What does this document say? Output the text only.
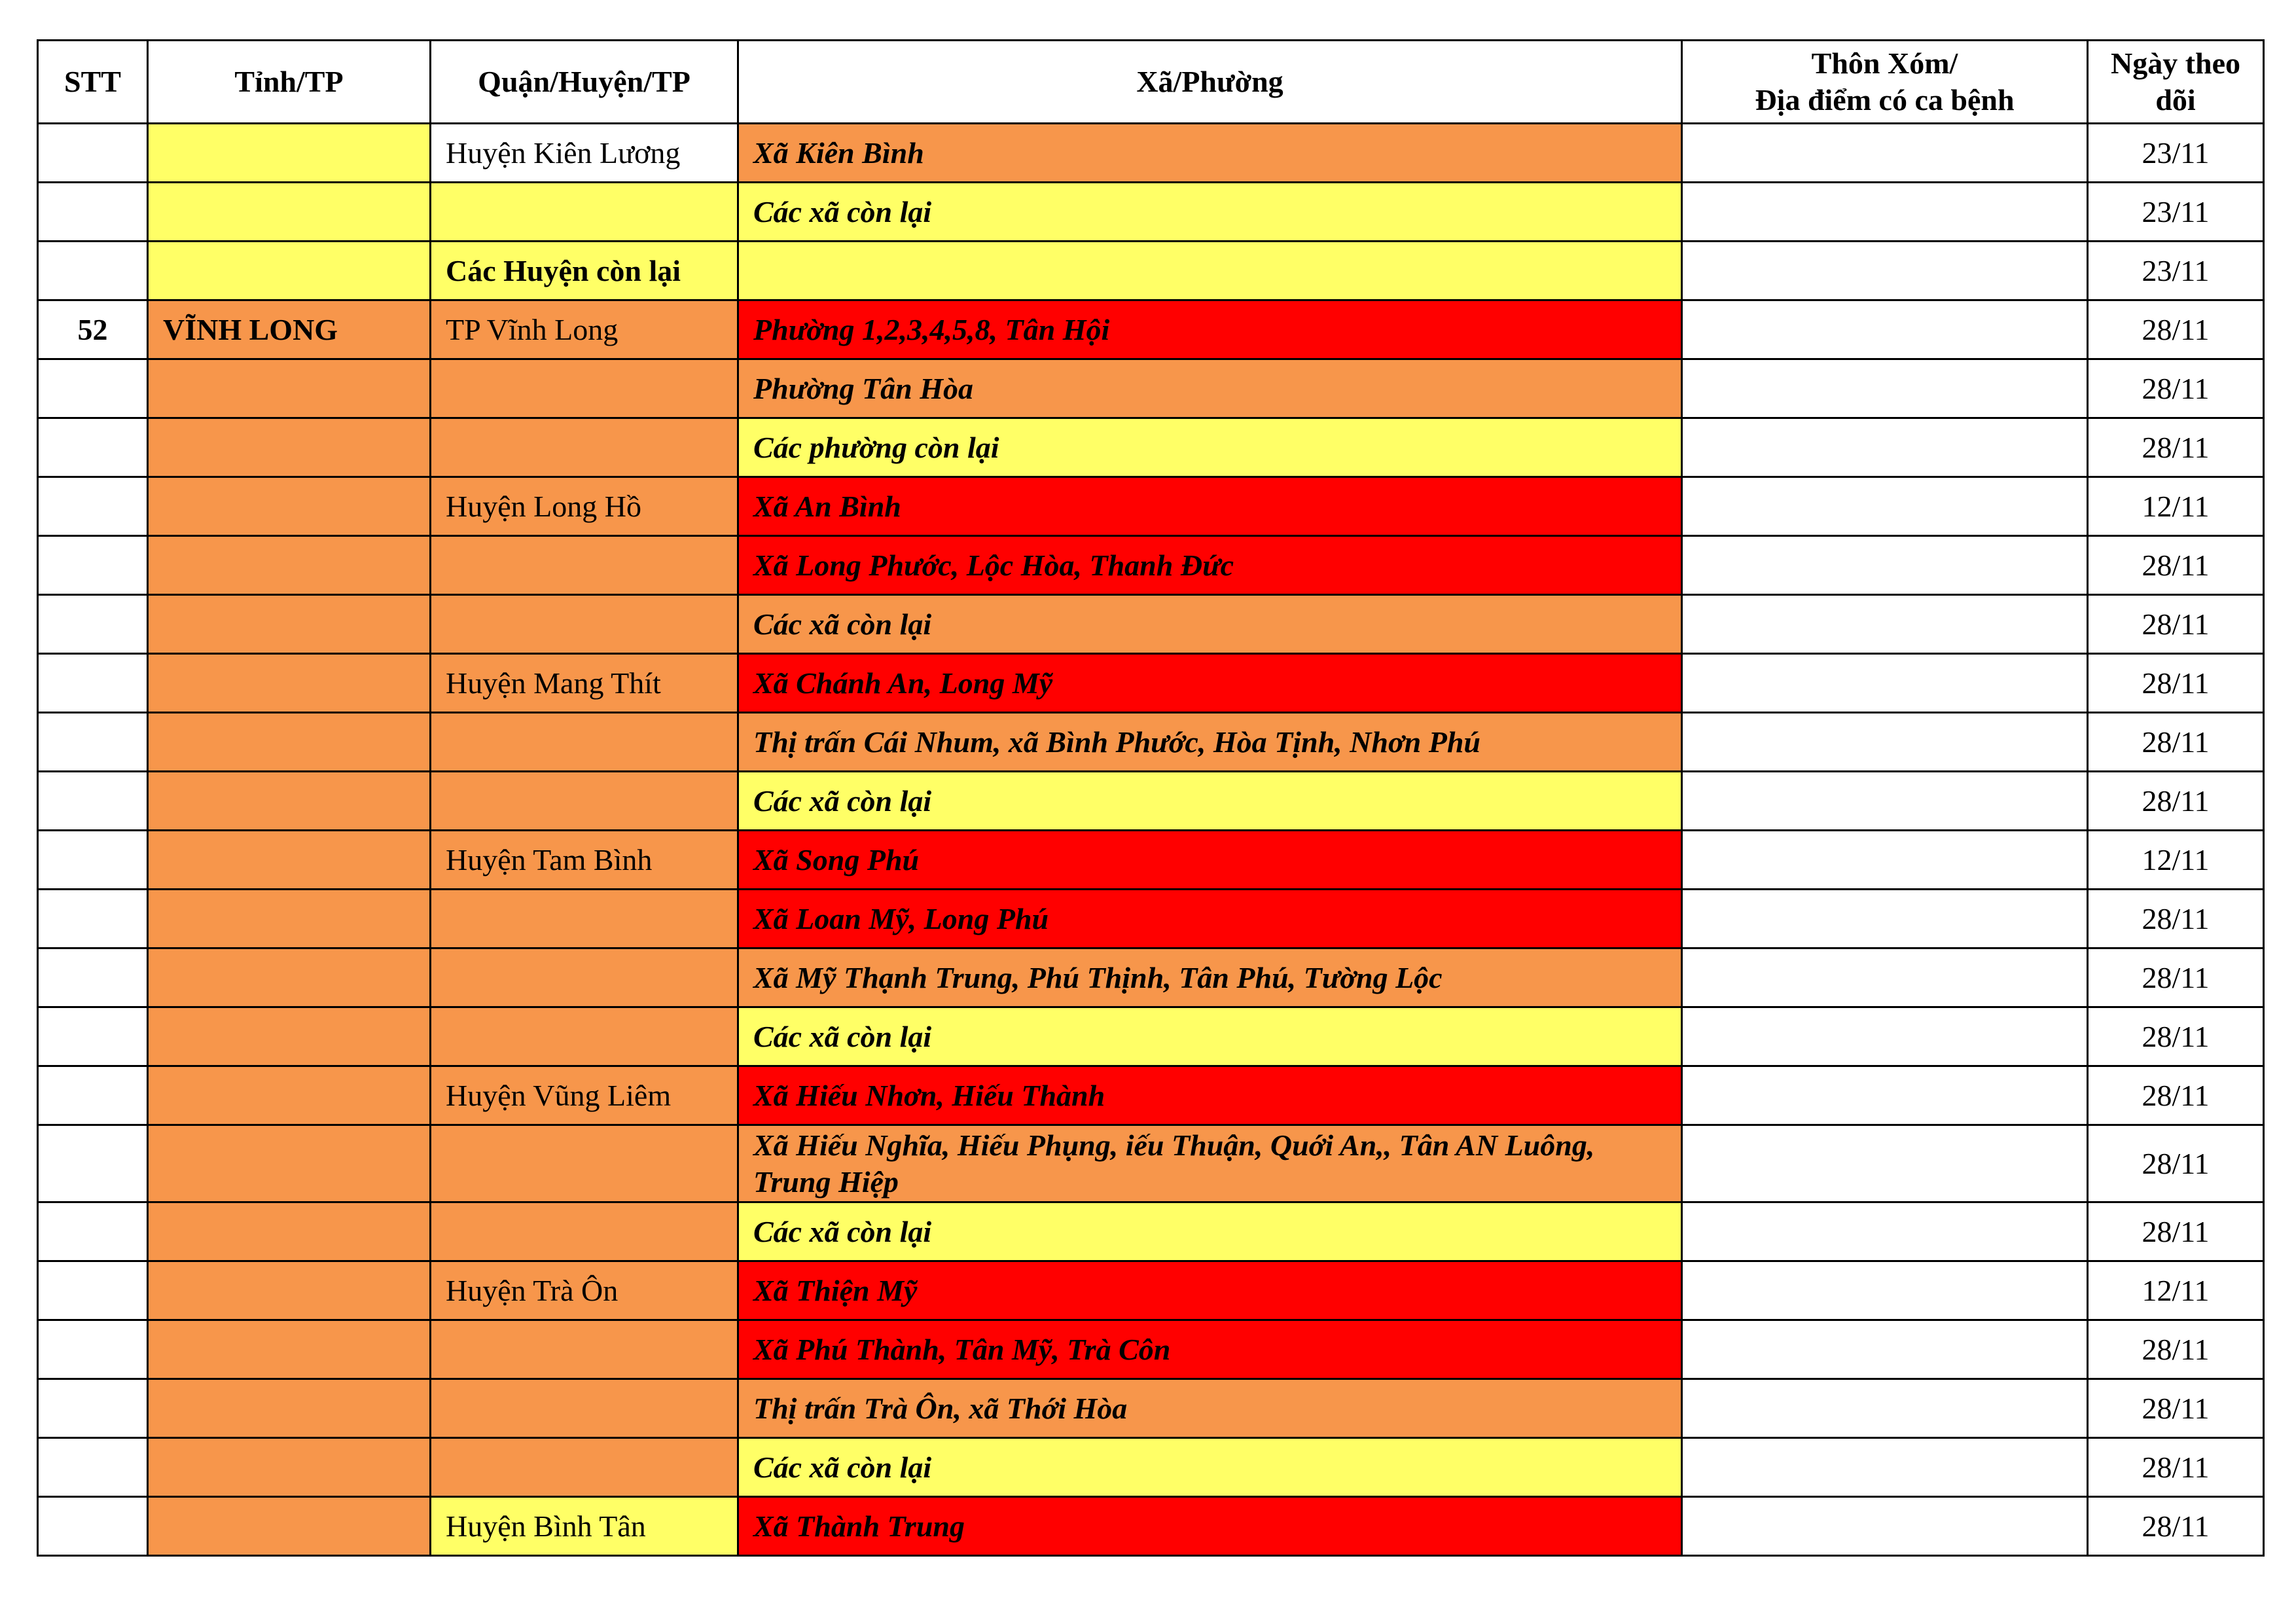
STT	Tỉnh/TP	Quận/Huyện/TP	Xã/Phường	Thôn Xóm/
Địa điểm có ca bệnh	Ngày theo dõi
		Huyện Kiên Lương	Xã Kiên Bình		23/11
			Các xã còn lại		23/11
		Các Huyện còn lại			23/11
52	VĨNH LONG	TP Vĩnh Long	Phường 1,2,3,4,5,8, Tân Hội		28/11
			Phường Tân Hòa		28/11
			Các phường còn lại		28/11
		Huyện Long Hồ	Xã An Bình		12/11
			Xã Long Phước, Lộc Hòa, Thanh Đức		28/11
			Các xã còn lại		28/11
		Huyện Mang Thít	Xã Chánh An, Long Mỹ		28/11
			Thị trấn Cái Nhum, xã Bình Phước, Hòa Tịnh, Nhơn Phú		28/11
			Các xã còn lại		28/11
		Huyện Tam Bình	Xã Song Phú		12/11
			Xã Loan Mỹ, Long Phú		28/11
			Xã Mỹ Thạnh Trung, Phú Thịnh, Tân Phú, Tường Lộc		28/11
			Các xã còn lại		28/11
		Huyện Vũng Liêm	Xã Hiếu Nhơn, Hiếu Thành		28/11
			Xã Hiếu Nghĩa, Hiếu Phụng, iếu Thuận, Quới An,, Tân AN Luông, Trung Hiệp		28/11
			Các xã còn lại		28/11
		Huyện Trà Ôn	Xã Thiện Mỹ		12/11
			Xã Phú Thành, Tân Mỹ, Trà Côn		28/11
			Thị trấn Trà Ôn, xã Thới Hòa		28/11
			Các xã còn lại		28/11
		Huyện Bình Tân	Xã Thành Trung		28/11
